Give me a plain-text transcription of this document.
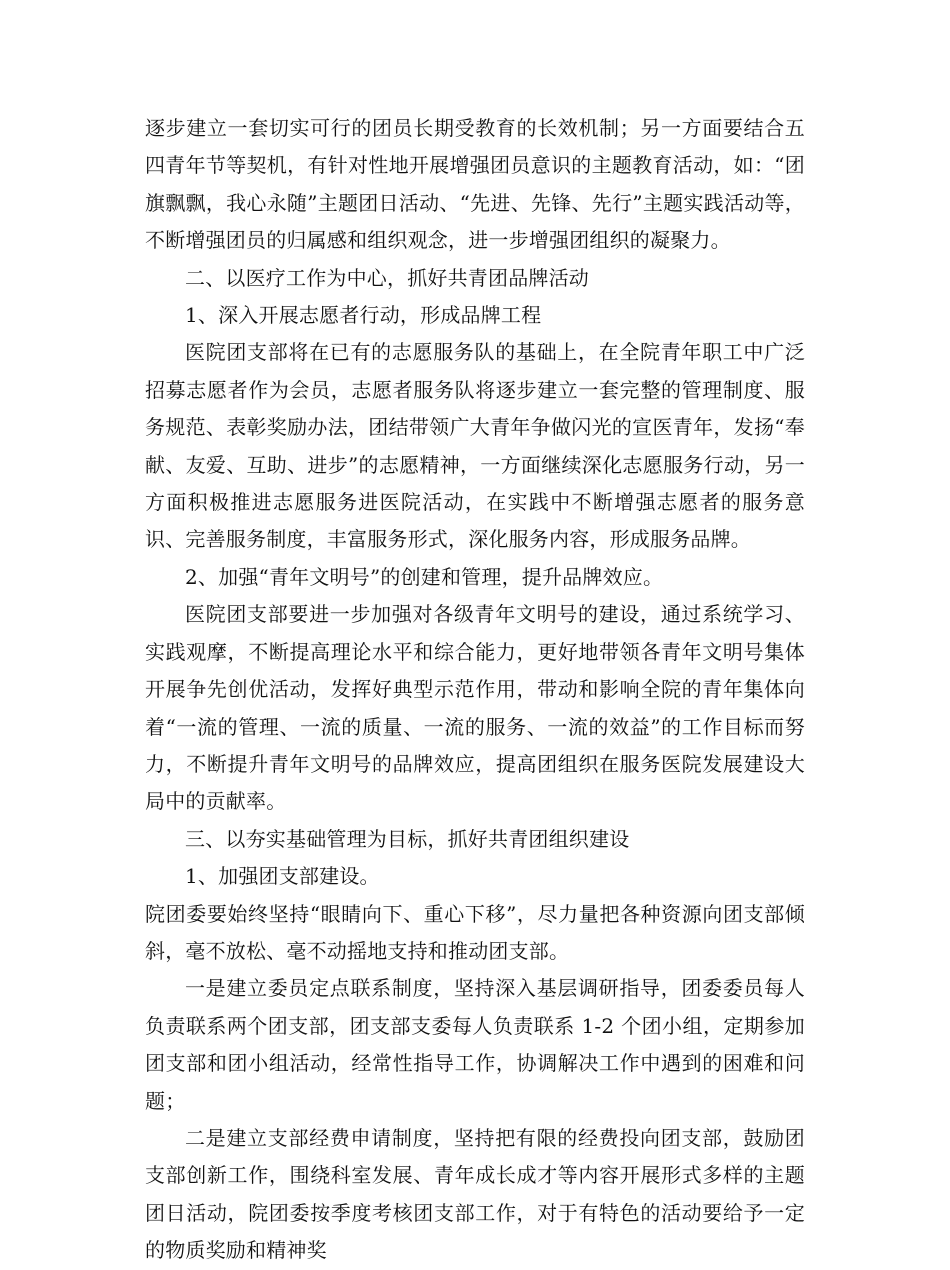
逐步建立一套切实可行的团员长期受教育的长效机制；另一方面要结合五四青年节等契机，有针对性地开展增强团员意识的主题教育活动，如：“团旗飘飘，我心永随”主题团日活动、“先进、先锋、先行”主题实践活动等，不断增强团员的归属感和组织观念，进一步增强团组织的凝聚力。

二、以医疗工作为中心，抓好共青团品牌活动

1、深入开展志愿者行动，形成品牌工程

医院团支部将在已有的志愿服务队的基础上，在全院青年职工中广泛招募志愿者作为会员，志愿者服务队将逐步建立一套完整的管理制度、服务规范、表彰奖励办法，团结带领广大青年争做闪光的宣医青年，发扬“奉献、友爱、互助、进步”的志愿精神，一方面继续深化志愿服务行动，另一方面积极推进志愿服务进医院活动，在实践中不断增强志愿者的服务意识、完善服务制度，丰富服务形式，深化服务内容，形成服务品牌。

2、加强“青年文明号”的创建和管理，提升品牌效应。

医院团支部要进一步加强对各级青年文明号的建设，通过系统学习、实践观摩，不断提高理论水平和综合能力，更好地带领各青年文明号集体开展争先创优活动，发挥好典型示范作用，带动和影响全院的青年集体向着“一流的管理、一流的质量、一流的服务、一流的效益”的工作目标而努力，不断提升青年文明号的品牌效应，提高团组织在服务医院发展建设大局中的贡献率。

三、以夯实基础管理为目标，抓好共青团组织建设

1、加强团支部建设。

院团委要始终坚持“眼睛向下、重心下移”，尽力量把各种资源向团支部倾斜，毫不放松、毫不动摇地支持和推动团支部。

一是建立委员定点联系制度，坚持深入基层调研指导，团委委员每人负责联系两个团支部，团支部支委每人负责联系 1-2 个团小组，定期参加团支部和团小组活动，经常性指导工作，协调解决工作中遇到的困难和问题；

二是建立支部经费申请制度，坚持把有限的经费投向团支部，鼓励团支部创新工作，围绕科室发展、青年成长成才等内容开展形式多样的主题团日活动，院团委按季度考核团支部工作，对于有特色的活动要给予一定的物质奖励和精神奖
